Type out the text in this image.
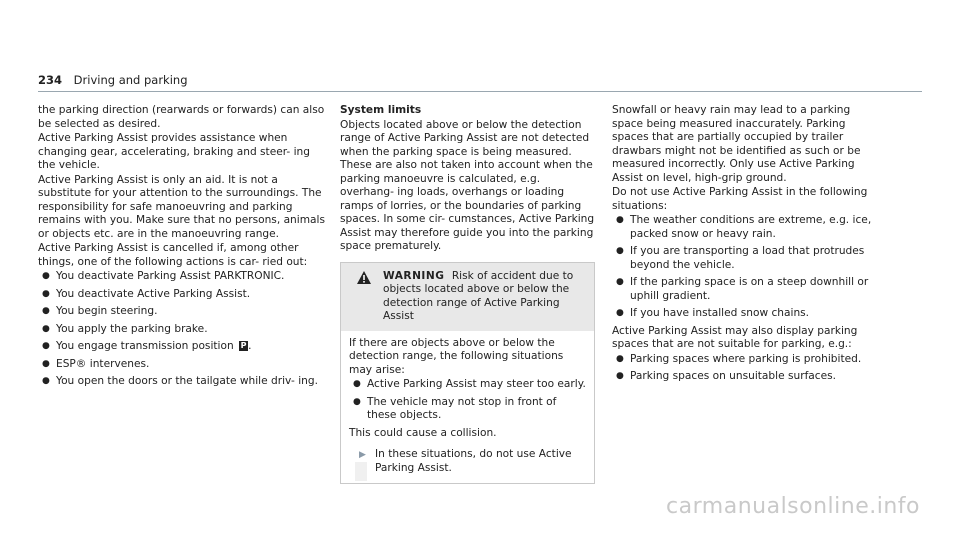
234 Driving and parking

the parking direction (rearwards or forwards) can also be selected as desired.

Active Parking Assist provides assistance when changing gear, accelerating, braking and steer- ing the vehicle.

Active Parking Assist is only an aid. It is not a substitute for your attention to the surroundings. The responsibility for safe manoeuvring and parking remains with you. Make sure that no persons, animals or objects etc. are in the manoeuvring range.

Active Parking Assist is cancelled if, among other things, one of the following actions is car- ried out:

● You deactivate Parking Assist PARKTRONIC.
● You deactivate Active Parking Assist.
● You begin steering.
● You apply the parking brake.
● You engage transmission position P .
● ESP® intervenes.
● You open the doors or the tailgate while driv- ing.

System limits

Objects located above or below the detection range of Active Parking Assist are not detected when the parking space is being measured. These are also not taken into account when the parking manoeuvre is calculated, e.g. overhang- ing loads, overhangs or loading ramps of lorries, or the boundaries of parking spaces. In some cir- cumstances, Active Parking Assist may therefore guide you into the parking space prematurely.

WARNING Risk of accident due to objects located above or below the detection range of Active Parking Assist

If there are objects above or below the detection range, the following situations may arise:

● Active Parking Assist may steer too early.
● The vehicle may not stop in front of these objects.

This could cause a collision.

▶ In these situations, do not use Active Parking Assist.

Snowfall or heavy rain may lead to a parking space being measured inaccurately. Parking spaces that are partially occupied by trailer drawbars might not be identified as such or be measured incorrectly. Only use Active Parking Assist on level, high-grip ground.

Do not use Active Parking Assist in the following situations:

● The weather conditions are extreme, e.g. ice, packed snow or heavy rain.
● If you are transporting a load that protrudes beyond the vehicle.
● If the parking space is on a steep downhill or uphill gradient.
● If you have installed snow chains.

Active Parking Assist may also display parking spaces that are not suitable for parking, e.g.:

● Parking spaces where parking is prohibited.
● Parking spaces on unsuitable surfaces.
carmanualsonline.info
